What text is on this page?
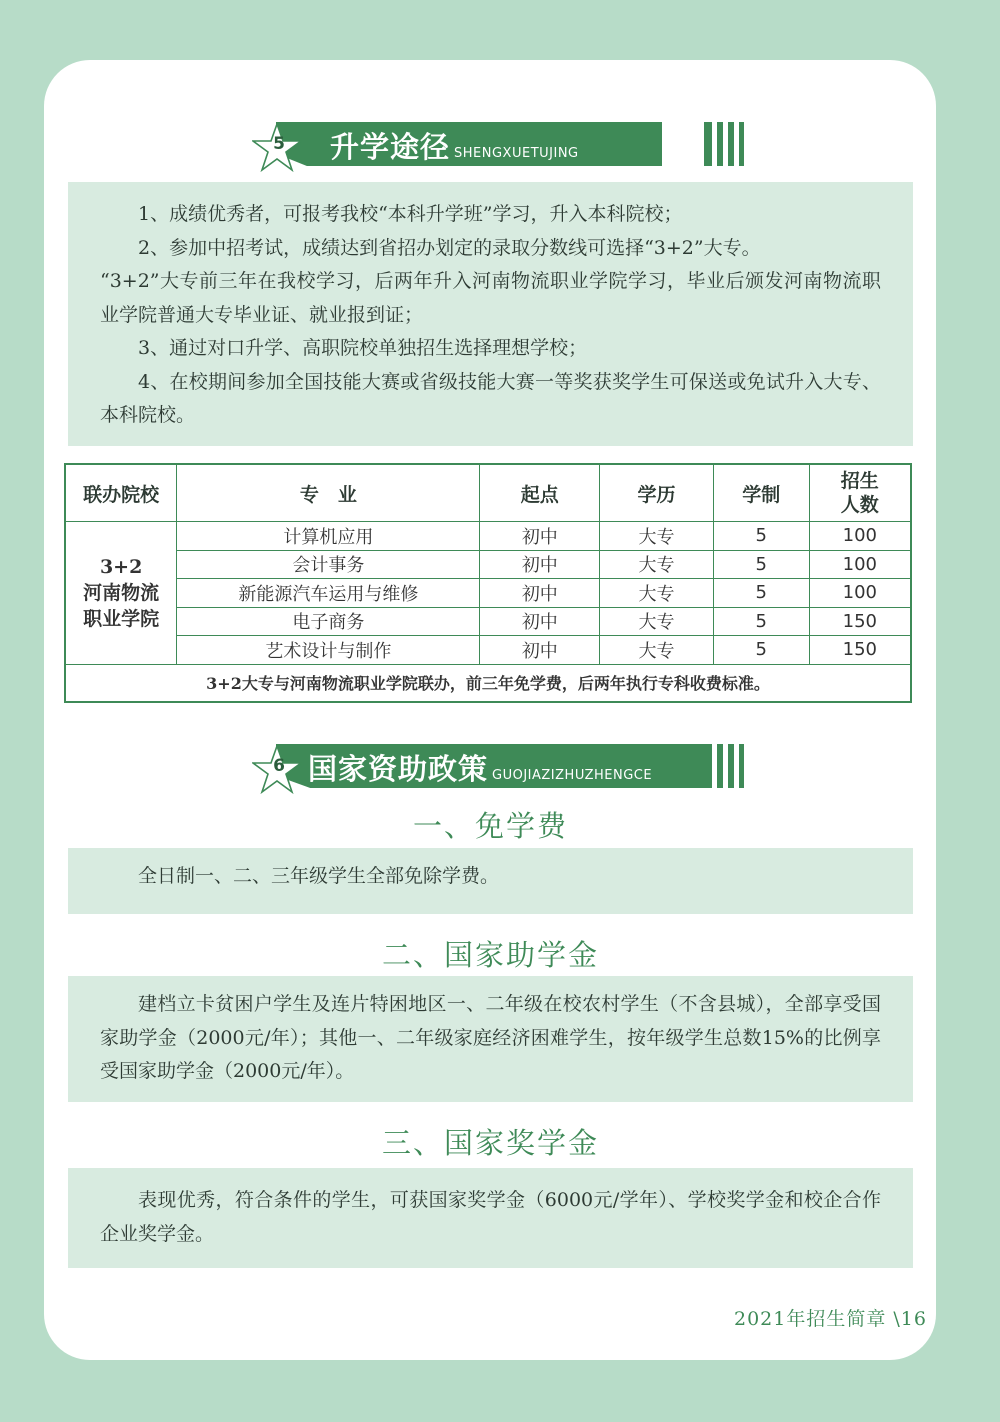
5 升学途径 SHENGXUETUJING

1、成绩优秀者，可报考我校“本科升学班”学习，升入本科院校；

2、参加中招考试，成绩达到省招办划定的录取分数线可选择“3+2”大专。

“3+2”大专前三年在我校学习，后两年升入河南物流职业学院学习，毕业后颁发河南物流职业学院普通大专毕业证、就业报到证；

3、通过对口升学、高职院校单独招生选择理想学校；

4、在校期间参加全国技能大赛或省级技能大赛一等奖获奖学生可保送或免试升入大专、本科院校。

联办院校	专　业	起点	学历	学制	招生人数

3+2
河南物流
职业学院	计算机应用	初中	大专	5	100
	会计事务	初中	大专	5	100
	新能源汽车运用与维修	初中	大专	5	100
	电子商务	初中	大专	5	150
	艺术设计与制作	初中	大专	5	150
3+2大专与河南物流职业学院联办，前三年免学费，后两年执行专科收费标准。					
6 国家资助政策 GUOJIAZIZHUZHENGCE
一、免学费

全日制一、二、三年级学生全部免除学费。

二、国家助学金

建档立卡贫困户学生及连片特困地区一、二年级在校农村学生（不含县城），全部享受国家助学金（2000元/年）；其他一、二年级家庭经济困难学生，按年级学生总数15%的比例享受国家助学金（2000元/年）。

三、国家奖学金

表现优秀，符合条件的学生，可获国家奖学金（6000元/学年）、学校奖学金和校企合作企业奖学金。

2021年招生简章 \16
